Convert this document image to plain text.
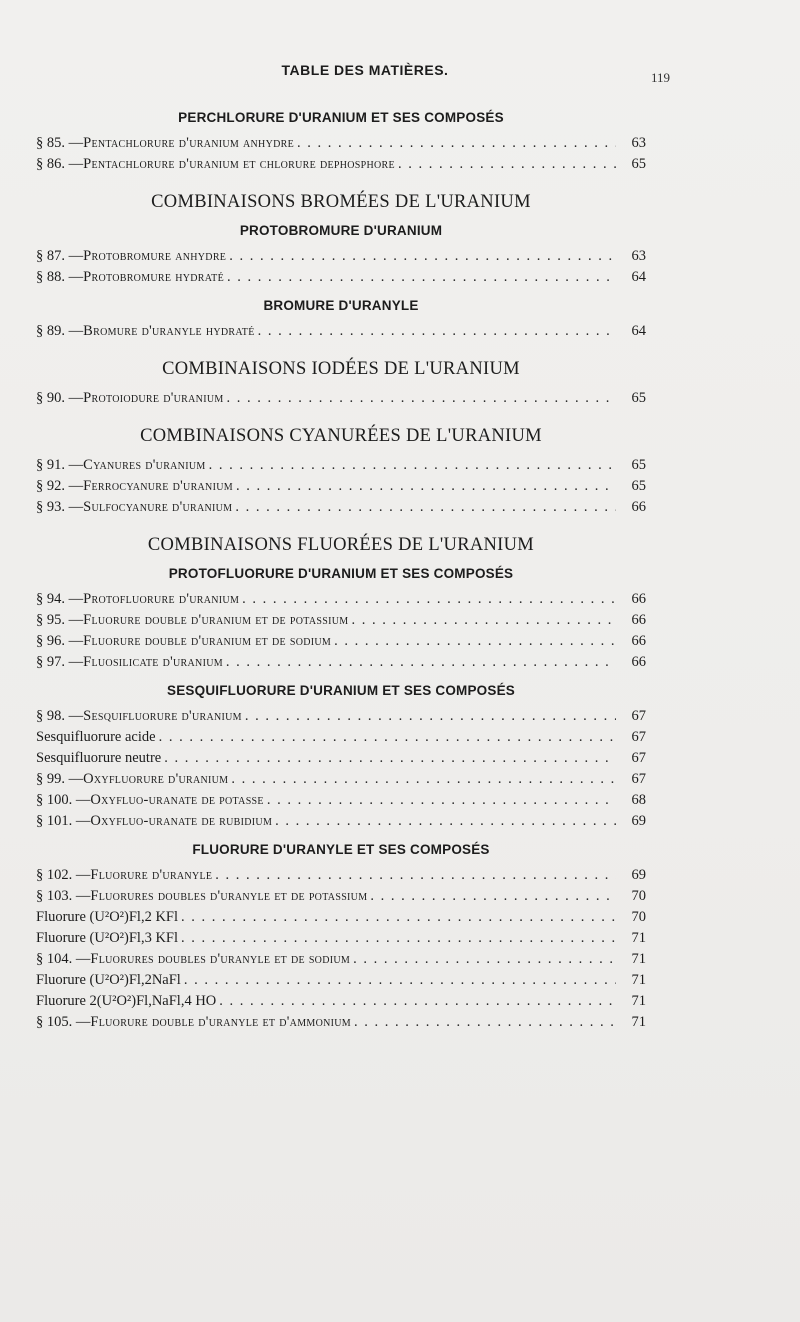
TABLE DES MATIÈRES.	119
PERCHLORURE D'URANIUM ET SES COMPOSÉS
§ 85. — Pentachlorure d'uranium anhydre . . .	63
§ 86. — Pentachlorure d'uranium et chlorure dephosphore . . .	65
COMBINAISONS BROMÉES DE L'URANIUM
PROTOBROMURE D'URANIUM
§ 87. — Protobromure anhydre . . .	63
§ 88. — Protobromure hydraté . . .	64
BROMURE D'URANYLE
§ 89. — Bromure d'uranyle hydraté . . .	64
COMBINAISONS IODÉES DE L'URANIUM
§ 90. — Protoiodure d'uranium . . .	65
COMBINAISONS CYANURÉES DE L'URANIUM
§ 91. — Cyanures d'uranium . . .	65
§ 92. — Ferrocyanure d'uranium . . .	65
§ 93. — Sulfocyanure d'uranium . . .	66
COMBINAISONS FLUORÉES DE L'URANIUM
PROTOFLUORURE D'URANIUM ET SES COMPOSÉS
§ 94. — Protofluorure d'uranium . . .	66
§ 95. — Fluorure double d'uranium et de potassium . . .	66
§ 96. — Fluorure double d'uranium et de sodium . . .	66
§ 97. — Fluosilicate d'uranium . . .	66
SESQUIFLUORURE D'URANIUM ET SES COMPOSÉS
§ 98. — Sesquifluorure d'uranium . . .	67
Sesquifluorure acide . . .	67
Sesquifluorure neutre . . .	67
§ 99. — Oxyfluorure d'uranium . . .	67
§ 100. — Oxyfluo-uranate de potasse . . .	68
§ 101. — Oxyfluo-uranate de rubidium . . .	69
FLUORURE D'URANYLE ET SES COMPOSÉS
§ 102. — Fluorure d'uranyle . . .	69
§ 103. — Fluorures doubles d'uranyle et de potassium . . .	70
Fluorure (U²O²)Fl,2 KFl . . .	70
Fluorure (U²O²)Fl,3 KFl . . .	71
§ 104. — Fluorures doubles d'uranyle et de sodium . . .	71
Fluorure (U²O²)Fl,2NaFl . . .	71
Fluorure 2(U²O²)Fl,NaFl,4 HO . . .	71
§ 105. — Fluorure double d'uranyle et d'ammonium . . .	71
